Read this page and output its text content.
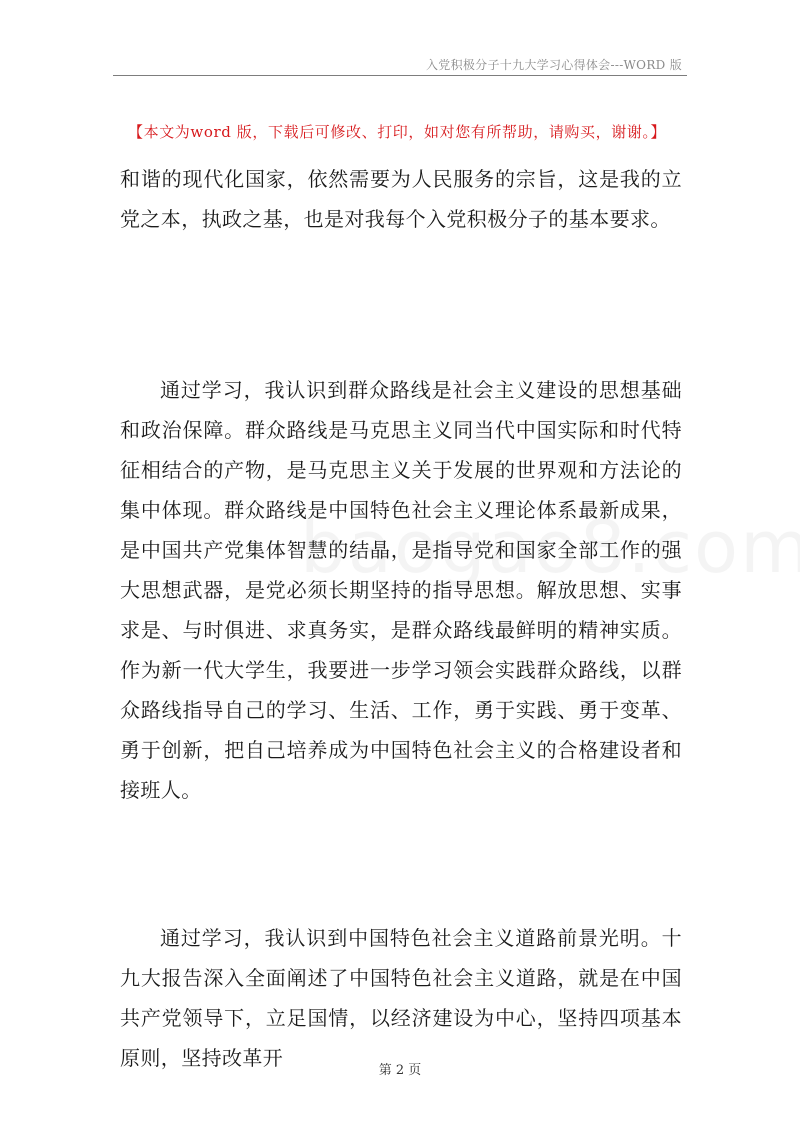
入党积极分子十九大学习心得体会---WORD 版
【本文为word 版，下载后可修改、打印，如对您有所帮助，请购买，谢谢。】
和谐的现代化国家，依然需要为人民服务的宗旨，这是我的立党之本，执政之基，也是对我每个入党积极分子的基本要求。
通过学习，我认识到群众路线是社会主义建设的思想基础和政治保障。群众路线是马克思主义同当代中国实际和时代特征相结合的产物，是马克思主义关于发展的世界观和方法论的集中体现。群众路线是中国特色社会主义理论体系最新成果，是中国共产党集体智慧的结晶，是指导党和国家全部工作的强大思想武器，是党必须长期坚持的指导思想。解放思想、实事求是、与时俱进、求真务实，是群众路线最鲜明的精神实质。作为新一代大学生，我要进一步学习领会实践群众路线，以群众路线指导自己的学习、生活、工作，勇于实践、勇于变革、勇于创新，把自己培养成为中国特色社会主义的合格建设者和接班人。
通过学习，我认识到中国特色社会主义道路前景光明。十九大报告深入全面阐述了中国特色社会主义道路，就是在中国共产党领导下，立足国情，以经济建设为中心，坚持四项基本原则，坚持改革开
第 2 页
